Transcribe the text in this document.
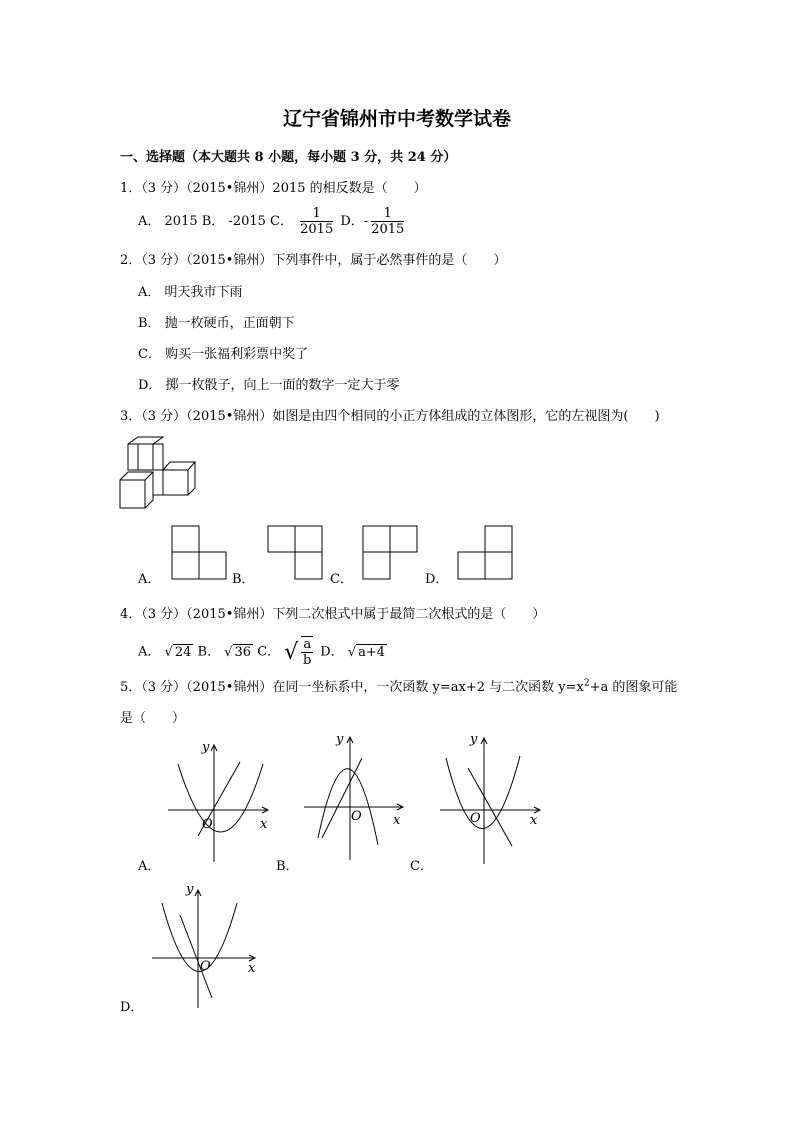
辽宁省锦州市中考数学试卷
一、选择题（本大题共 8 小题，每小题 3 分，共 24 分）
1．（3 分）（2015•锦州）2015 的相反数是（　　）
A． 2015 B． -2015 C． $\frac{1}{2015}$ D．- $\frac{1}{2015}$
2．（3 分）（2015•锦州）下列事件中，属于必然事件的是（　　）
A． 明天我市下雨
B． 抛一枚硬币，正面朝下
C． 购买一张福利彩票中奖了
D． 掷一枚骰子，向上一面的数字一定大于零
3．（3 分）（2015•锦州）如图是由四个相同的小正方体组成的立体图形，它的左视图为(　　)
A．	B．	C．	D．
4．（3 分）（2015•锦州）下列二次根式中属于最简二次根式的是（　　）
A． √ 24 B． √ 36 C． √ $\frac{a}{b}$ D． √ a+4
5．（3 分）（2015•锦州）在同一坐标系中，一次函数 y=ax+2 与二次函数 $y=x^2+a$ 的图象可能
是（　　）
y
x
O
y
x
O
y
x
O
y
x
O
A．	B．	C．
D．
